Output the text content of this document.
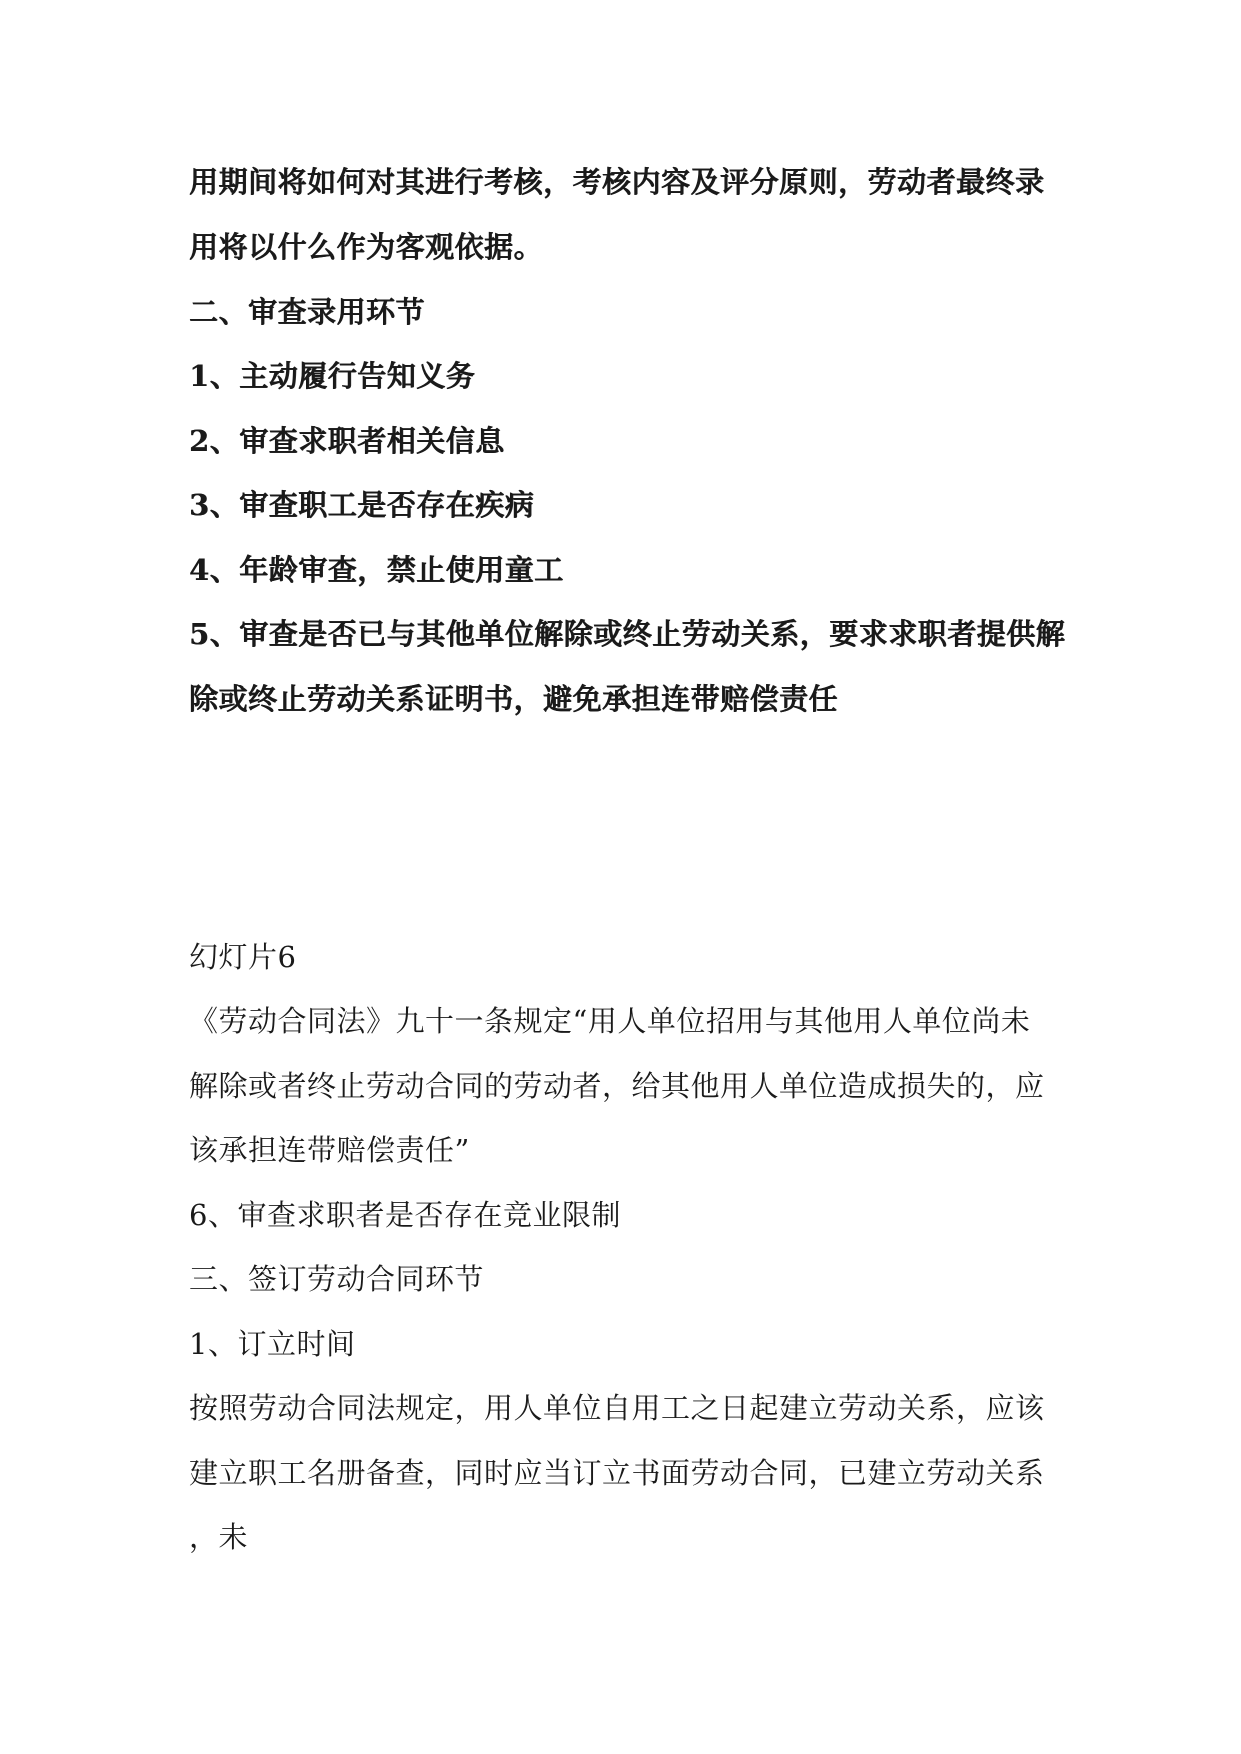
用期间将如何对其进行考核，考核内容及评分原则，劳动者最终录

用将以什么作为客观依据。

二、审查录用环节

1、主动履行告知义务

2、审查求职者相关信息

3、审查职工是否存在疾病

4、年龄审查，禁止使用童工

5、审查是否已与其他单位解除或终止劳动关系，要求求职者提供解

除或终止劳动关系证明书，避免承担连带赔偿责任

幻灯片6

《劳动合同法》九十一条规定“用人单位招用与其他用人单位尚未

解除或者终止劳动合同的劳动者，给其他用人单位造成损失的，应

该承担连带赔偿责任”

6、审查求职者是否存在竞业限制

三、签订劳动合同环节

1、订立时间

按照劳动合同法规定，用人单位自用工之日起建立劳动关系，应该

建立职工名册备查，同时应当订立书面劳动合同，已建立劳动关系

，未
